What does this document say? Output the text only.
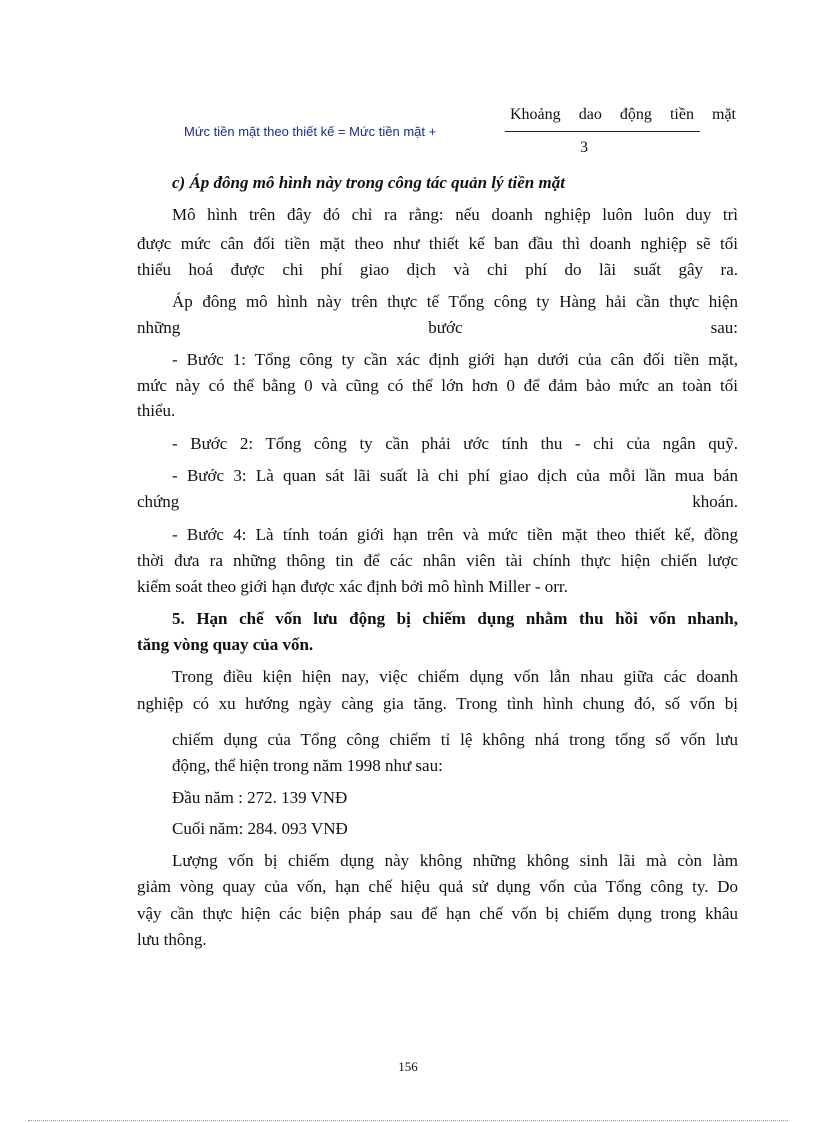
Mức tiền mặt theo thiết kế = Mức tiền mặt +
Khoảng dao động tiền mặt
3
c) Áp đông mô hình này trong công tác quản lý tiền mặt
Mô hình trên đây đó chỉ ra rằng: nếu doanh nghiệp luôn luôn duy trì
được mức cân đối tiền mặt theo như thiết kế ban đầu thì doanh nghiệp sẽ tối
thiểu hoá được chi phí giao dịch và chi phí do lãi suất gây ra.
Áp đông mô hình này trên thực tế Tổng công ty Hàng hải cần thực hiện
những bước sau:
- Bước 1: Tổng công ty cần xác định giới hạn dưới của cân đối tiền mặt,
mức này có thể bằng 0 và cũng có thể lớn hơn 0 để đảm bảo mức an toàn tối
thiểu.
- Bước 2: Tổng công ty cần phải ước tính thu - chi của ngân quỹ.
- Bước 3: Là quan sát lãi suất là chi phí giao dịch của mỗi lần mua bán
chứng khoán.
- Bước 4: Là tính toán giới hạn trên và mức tiền mặt theo thiết kế, đồng
thời đưa ra những thông tin để các nhân viên tài chính thực hiện chiến lược
kiểm soát theo giới hạn được xác định bởi mô hình Miller - orr.
5. Hạn chế vốn lưu động bị chiếm dụng nhằm thu hồi vốn nhanh,
tăng vòng quay của vốn.
Trong điều kiện hiện nay, việc chiếm dụng vốn lẫn nhau giữa các doanh
nghiệp có xu hướng ngày càng gia tăng. Trong tình hình chung đó, số vốn bị
chiếm dụng của Tổng công chiếm tỉ lệ không nhá trong tổng số vốn lưu
động, thể hiện trong năm 1998 như sau:
Đầu năm : 272. 139 VNĐ
Cuối năm: 284. 093 VNĐ
Lượng vốn bị chiếm dụng này không những không sinh lãi mà còn làm
giảm vòng quay của vốn, hạn chế hiệu quả sử dụng vốn của Tổng công ty. Do
vậy cần thực hiện các biện pháp sau để hạn chế vốn bị chiếm dụng trong khâu
lưu thông.
156
